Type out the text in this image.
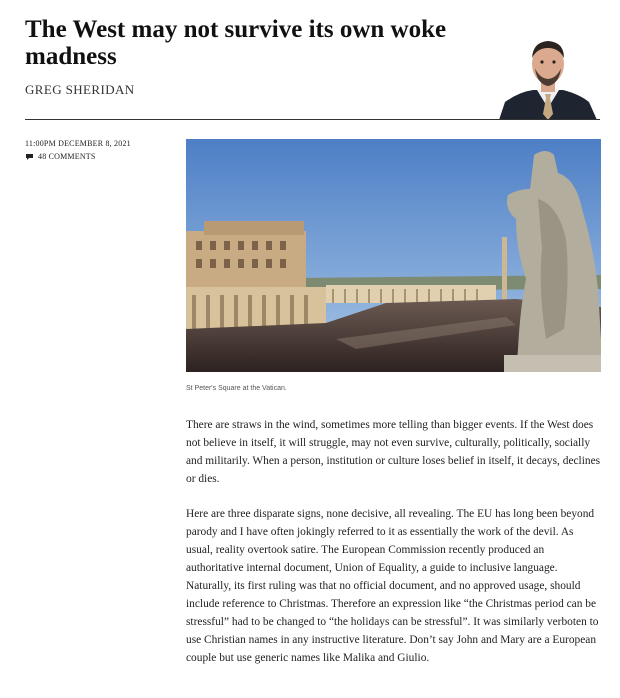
The West may not survive its own woke madness
GREG SHERIDAN
11:00PM DECEMBER 8, 2021
48 COMMENTS
St Peter's Square at the Vatican.

There are straws in the wind, sometimes more telling than bigger events. If the West does not believe in itself, it will struggle, may not even survive, culturally, politically, socially and militarily. When a person, institution or culture loses belief in itself, it decays, declines or dies.

Here are three disparate signs, none decisive, all revealing. The EU has long been beyond parody and I have often jokingly referred to it as essentially the work of the devil. As usual, reality overtook satire. The European Commission recently produced an authoritative internal document, Union of Equality, a guide to inclusive language. Naturally, its first ruling was that no official document, and no approved usage, should include reference to Christmas. Therefore an expression like “the Christmas period can be stressful” had to be changed to “the holidays can be stressful”. It was similarly verboten to use Christian names in any instructive literature. Don’t say John and Mary are a European couple but use generic names like Malika and Giulio.
